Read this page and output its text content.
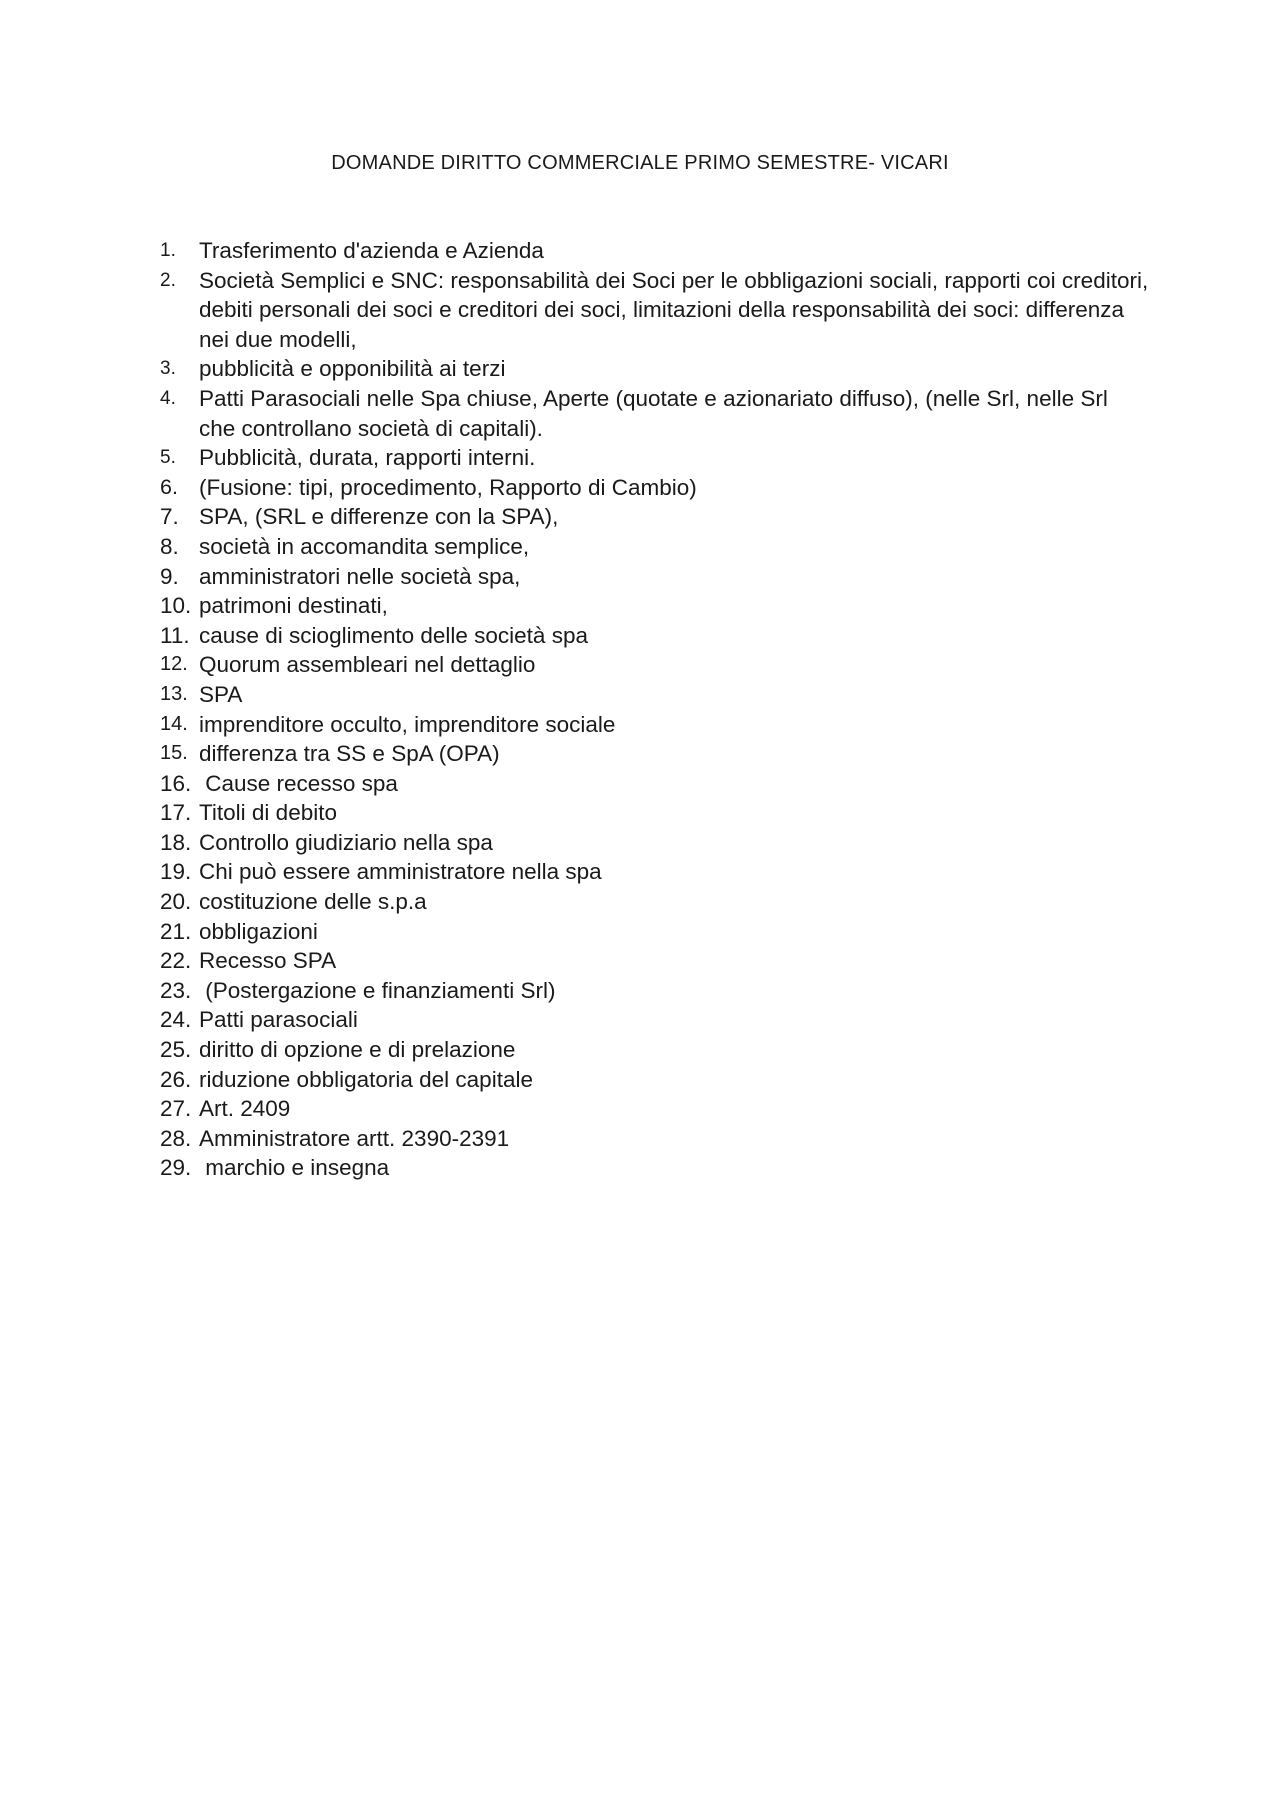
DOMANDE DIRITTO COMMERCIALE PRIMO SEMESTRE- VICARI
1.	Trasferimento d'azienda e Azienda
2.	Società Semplici e SNC: responsabilità dei Soci per le obbligazioni sociali, rapporti coi creditori, debiti personali dei soci e creditori dei soci, limitazioni della responsabilità dei soci: differenza nei due modelli,
3.	pubblicità e opponibilità ai terzi
4.	Patti Parasociali nelle Spa chiuse, Aperte (quotate e azionariato diffuso), (nelle Srl, nelle Srl che controllano società di capitali).
5.	Pubblicità, durata, rapporti interni.
6. (Fusione: tipi, procedimento, Rapporto di Cambio)
7. SPA, (SRL e differenze con la SPA),
8. società in accomandita semplice,
9. amministratori nelle società spa,
10. patrimoni destinati,
11. cause di scioglimento delle società spa
12. Quorum assembleari nel dettaglio
13. SPA
14. imprenditore occulto, imprenditore sociale
15. differenza tra SS e SpA (OPA)
16. Cause recesso spa
17. Titoli di debito
18. Controllo giudiziario nella spa
19. Chi può essere amministratore nella spa
20. costituzione delle s.p.a
21. obbligazioni
22. Recesso SPA
23. (Postergazione e finanziamenti Srl)
24. Patti parasociali
25. diritto di opzione e di prelazione
26. riduzione obbligatoria del capitale
27. Art. 2409
28. Amministratore artt. 2390-2391
29. marchio e insegna
